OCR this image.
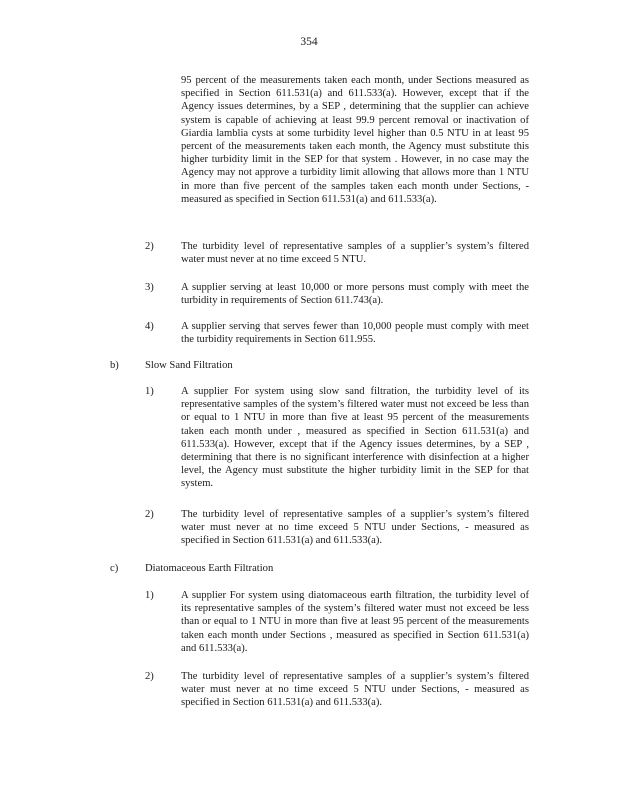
354

95 percent of the measurements taken each month, under Sections measured as specified in Section 611.531(a) and 611.533(a). However, except that if the Agency issues determines, by a SEP , determining that the supplier can achieve system is capable of achieving at least 99.9 percent removal or inactivation of Giardia lamblia cysts at some turbidity level higher than 0.5 NTU in at least 95 percent of the measurements taken each month, the Agency must substitute this higher turbidity limit in the SEP for that system . However, in no case may the Agency may not approve a turbidity limit allowing that allows more than 1 NTU in more than five percent of the samples taken each month under Sections, - measured as specified in Section 611.531(a) and 611.533(a).

2)	The turbidity level of representative samples of a supplier’s system’s filtered water must never at no time exceed 5 NTU.

3)	A supplier serving at least 10,000 or more persons must comply with meet the turbidity in requirements of Section 611.743(a).

4)	A supplier serving that serves fewer than 10,000 people must comply with meet the turbidity requirements in Section 611.955.

b) Slow Sand Filtration
1)	A supplier For system using slow sand filtration, the turbidity level of its representative samples of the system’s filtered water must not exceed be less than or equal to 1 NTU in more than five at least 95 percent of the measurements taken each month under , measured as specified in Section 611.531(a) and 611.533(a). However, except that if the Agency issues determines, by a SEP , determining that there is no significant interference with disinfection at a higher level, the Agency must substitute the higher turbidity limit in the SEP for that system.

2)	The turbidity level of representative samples of a supplier’s system’s filtered water must never at no time exceed 5 NTU under Sections, - measured as specified in Section 611.531(a) and 611.533(a).

c)	Diatomaceous Earth Filtration
1)	A supplier For system using diatomaceous earth filtration, the turbidity level of its representative samples of the system’s filtered water must not exceed be less than or equal to 1 NTU in more than five at least 95 percent of the measurements taken each month under Sections , measured as specified in Section 611.531(a) and 611.533(a).

2)	The turbidity level of representative samples of a supplier’s system’s filtered water must never at no time exceed 5 NTU under Sections, - measured as specified in Section 611.531(a) and 611.533(a).
